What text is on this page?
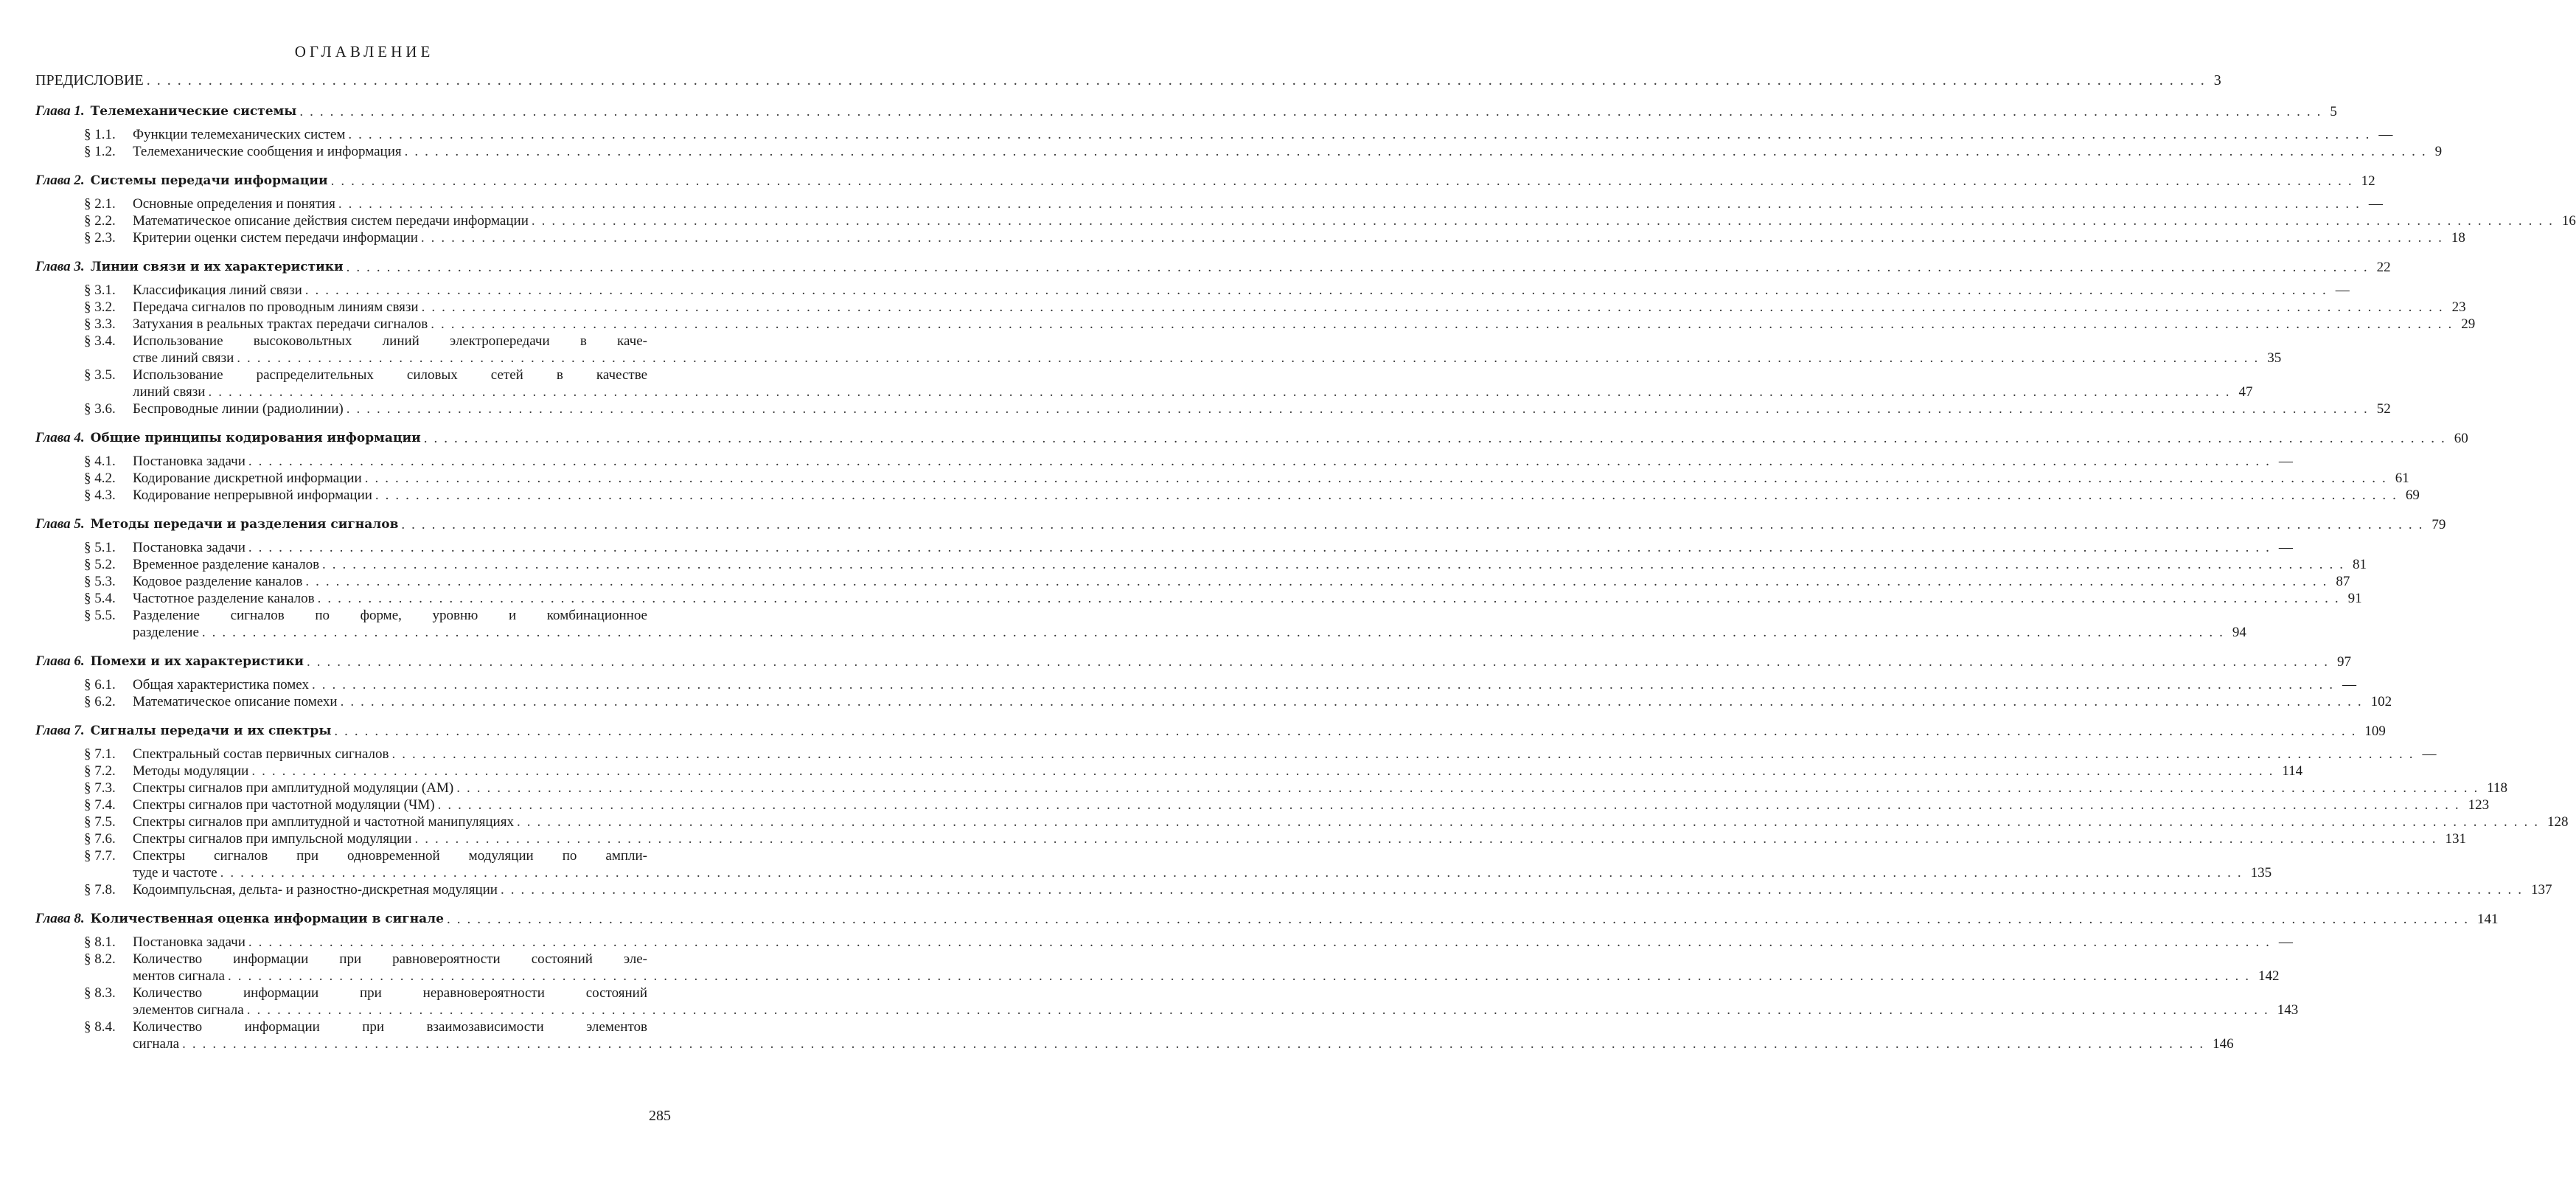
ОГЛАВЛЕНИЕ
ПРЕДИСЛОВИЕ ........................................................................................................................................................................................................ 3
Глава 1. Телемеханические системы ........................................................................................................................................................................................................ 5
§ 1.1. Функции телемеханических систем ........................................................................................................................................................................................................ —
§ 1.2. Телемеханические сообщения и информация ........................................................................................................................................................................................................ 9
Глава 2. Системы передачи информации ........................................................................................................................................................................................................ 12
§ 2.1. Основные определения и понятия ........................................................................................................................................................................................................ —
§ 2.2. Математическое описание действия систем передачи информации ........................................................................................................................................................................................................ 16
§ 2.3. Критерии оценки систем передачи информации ........................................................................................................................................................................................................ 18
Глава 3. Линии связи и их характеристики ........................................................................................................................................................................................................ 22
§ 3.1. Классификация линий связи ........................................................................................................................................................................................................ —
§ 3.2. Передача сигналов по проводным линиям связи ........................................................................................................................................................................................................ 23
§ 3.3. Затухания в реальных трактах передачи сигналов ........................................................................................................................................................................................................ 29
§ 3.4.	Использование высоковольтных линий электропередачи в каче-
стве линий связи ........................................................................................................................................................................................................ 35
§ 3.5.	Использование распределительных силовых сетей в качестве
линий связи ........................................................................................................................................................................................................ 47
§ 3.6. Беспроводные линии (радиолинии) ........................................................................................................................................................................................................ 52
Глава 4. Общие принципы кодирования информации ........................................................................................................................................................................................................ 60
§ 4.1. Постановка задачи ........................................................................................................................................................................................................ —
§ 4.2. Кодирование дискретной информации ........................................................................................................................................................................................................ 61
§ 4.3. Кодирование непрерывной информации ........................................................................................................................................................................................................ 69
Глава 5. Методы передачи и разделения сигналов ........................................................................................................................................................................................................ 79
§ 5.1. Постановка задачи ........................................................................................................................................................................................................ —
§ 5.2. Временное разделение каналов ........................................................................................................................................................................................................ 81
§ 5.3. Кодовое разделение каналов ........................................................................................................................................................................................................ 87
§ 5.4. Частотное разделение каналов ........................................................................................................................................................................................................ 91
§ 5.5.	Разделение сигналов по форме, уровню и комбинационное
разделение ........................................................................................................................................................................................................ 94
Глава 6. Помехи и их характеристики ........................................................................................................................................................................................................ 97
§ 6.1. Общая характеристика помех ........................................................................................................................................................................................................ —
§ 6.2. Математическое описание помехи ........................................................................................................................................................................................................ 102
Глава 7. Сигналы передачи и их спектры ........................................................................................................................................................................................................ 109
§ 7.1. Спектральный состав первичных сигналов ........................................................................................................................................................................................................ —
§ 7.2. Методы модуляции ........................................................................................................................................................................................................ 114
§ 7.3. Спектры сигналов при амплитудной модуляции (АМ) ........................................................................................................................................................................................................ 118
§ 7.4. Спектры сигналов при частотной модуляции (ЧМ) ........................................................................................................................................................................................................ 123
§ 7.5. Спектры сигналов при амплитудной и частотной манипуляциях ........................................................................................................................................................................................................ 128
§ 7.6. Спектры сигналов при импульсной модуляции ........................................................................................................................................................................................................ 131
§ 7.7.	Спектры сигналов при одновременной модуляции по ампли-
туде и частоте ........................................................................................................................................................................................................ 135
§ 7.8. Кодоимпульсная, дельта- и разностно-дискретная модуляции ........................................................................................................................................................................................................ 137
Глава 8. Количественная оценка информации в сигнале ........................................................................................................................................................................................................ 141
§ 8.1. Постановка задачи ........................................................................................................................................................................................................ —
§ 8.2.	Количество информации при равновероятности состояний эле-
ментов сигнала ........................................................................................................................................................................................................ 142
§ 8.3.	Количество информации при неравновероятности состояний
элементов сигнала ........................................................................................................................................................................................................ 143
§ 8.4.	Количество информации при взаимозависимости элементов
сигнала ........................................................................................................................................................................................................ 146
285
